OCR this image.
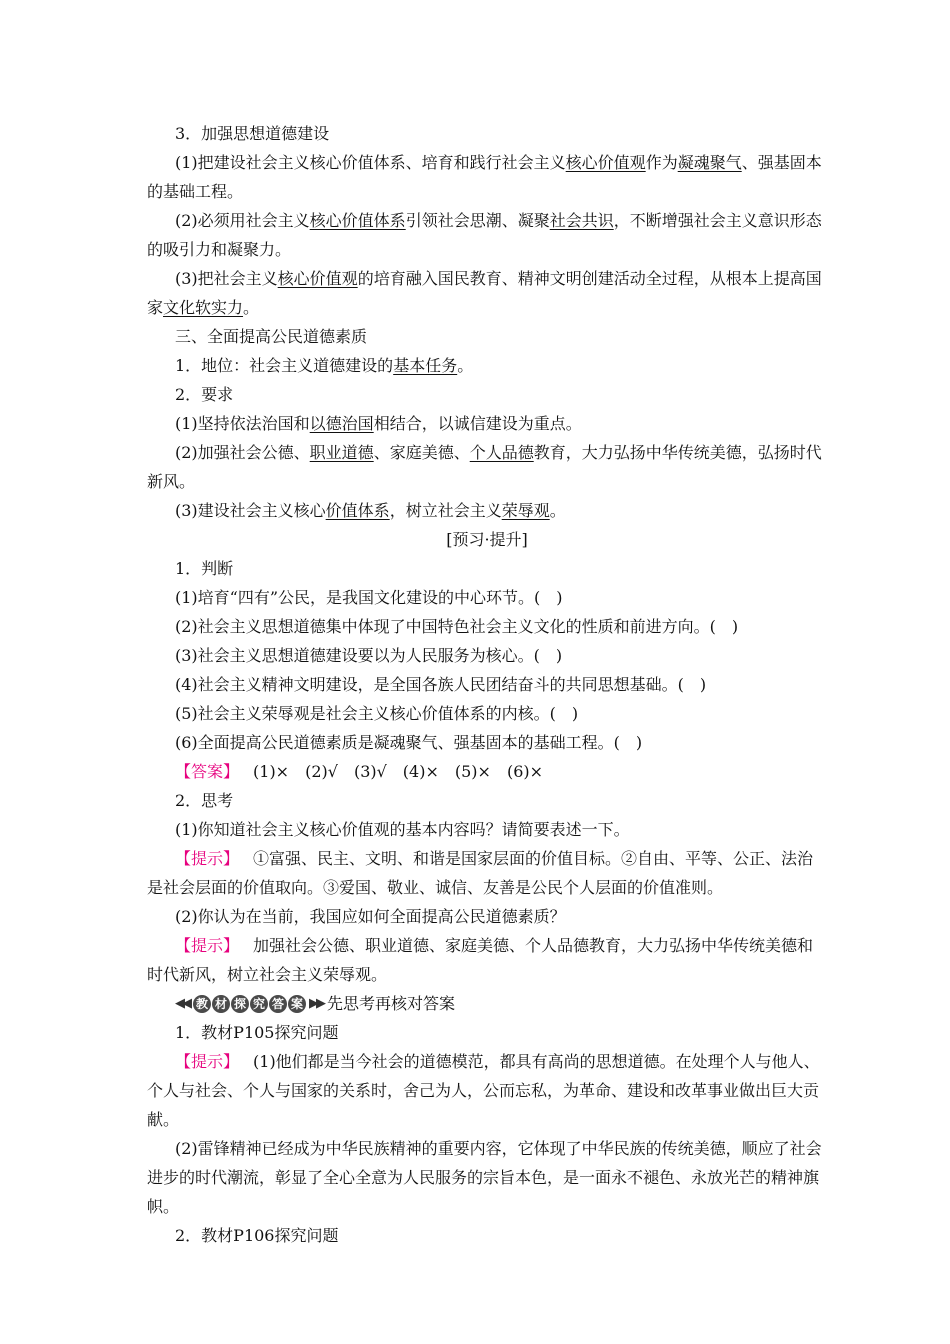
3．加强思想道德建设

(1)把建设社会主义核心价值体系、培育和践行社会主义核心价值观作为凝魂聚气、强基固本的基础工程。

(2)必须用社会主义核心价值体系引领社会思潮、凝聚社会共识，不断增强社会主义意识形态的吸引力和凝聚力。

(3)把社会主义核心价值观的培育融入国民教育、精神文明创建活动全过程，从根本上提高国家文化软实力。

三、全面提高公民道德素质

1．地位：社会主义道德建设的基本任务。

2．要求

(1)坚持依法治国和以德治国相结合，以诚信建设为重点。

(2)加强社会公德、职业道德、家庭美德、个人品德教育，大力弘扬中华传统美德，弘扬时代新风。

(3)建设社会主义核心价值体系，树立社会主义荣辱观。

[预习·提升]

1．判断

(1)培育“四有”公民，是我国文化建设的中心环节。(　)

(2)社会主义思想道德集中体现了中国特色社会主义文化的性质和前进方向。(　)

(3)社会主义思想道德建设要以为人民服务为核心。(　)

(4)社会主义精神文明建设，是全国各族人民团结奋斗的共同思想基础。(　)

(5)社会主义荣辱观是社会主义核心价值体系的内核。(　)

(6)全面提高公民道德素质是凝魂聚气、强基固本的基础工程。(　)

【答案】 (1)×　(2)√　(3)√　(4)×　(5)×　(6)×

2．思考

(1)你知道社会主义核心价值观的基本内容吗？请简要表述一下。

【提示】 ①富强、民主、文明、和谐是国家层面的价值目标。②自由、平等、公正、法治是社会层面的价值取向。③爱国、敬业、诚信、友善是公民个人层面的价值准则。

(2)你认为在当前，我国应如何全面提高公民道德素质？

【提示】 加强社会公德、职业道德、家庭美德、个人品德教育，大力弘扬中华传统美德和时代新风，树立社会主义荣辱观。

◀◀ 教 材 探 究 答 案 ▶▶ 先思考再核对答案

1．教材P105探究问题

【提示】 (1)他们都是当今社会的道德模范，都具有高尚的思想道德。在处理个人与他人、个人与社会、个人与国家的关系时，舍己为人，公而忘私，为革命、建设和改革事业做出巨大贡献。

(2)雷锋精神已经成为中华民族精神的重要内容，它体现了中华民族的传统美德，顺应了社会进步的时代潮流，彰显了全心全意为人民服务的宗旨本色，是一面永不褪色、永放光芒的精神旗帜。

2．教材P106探究问题
